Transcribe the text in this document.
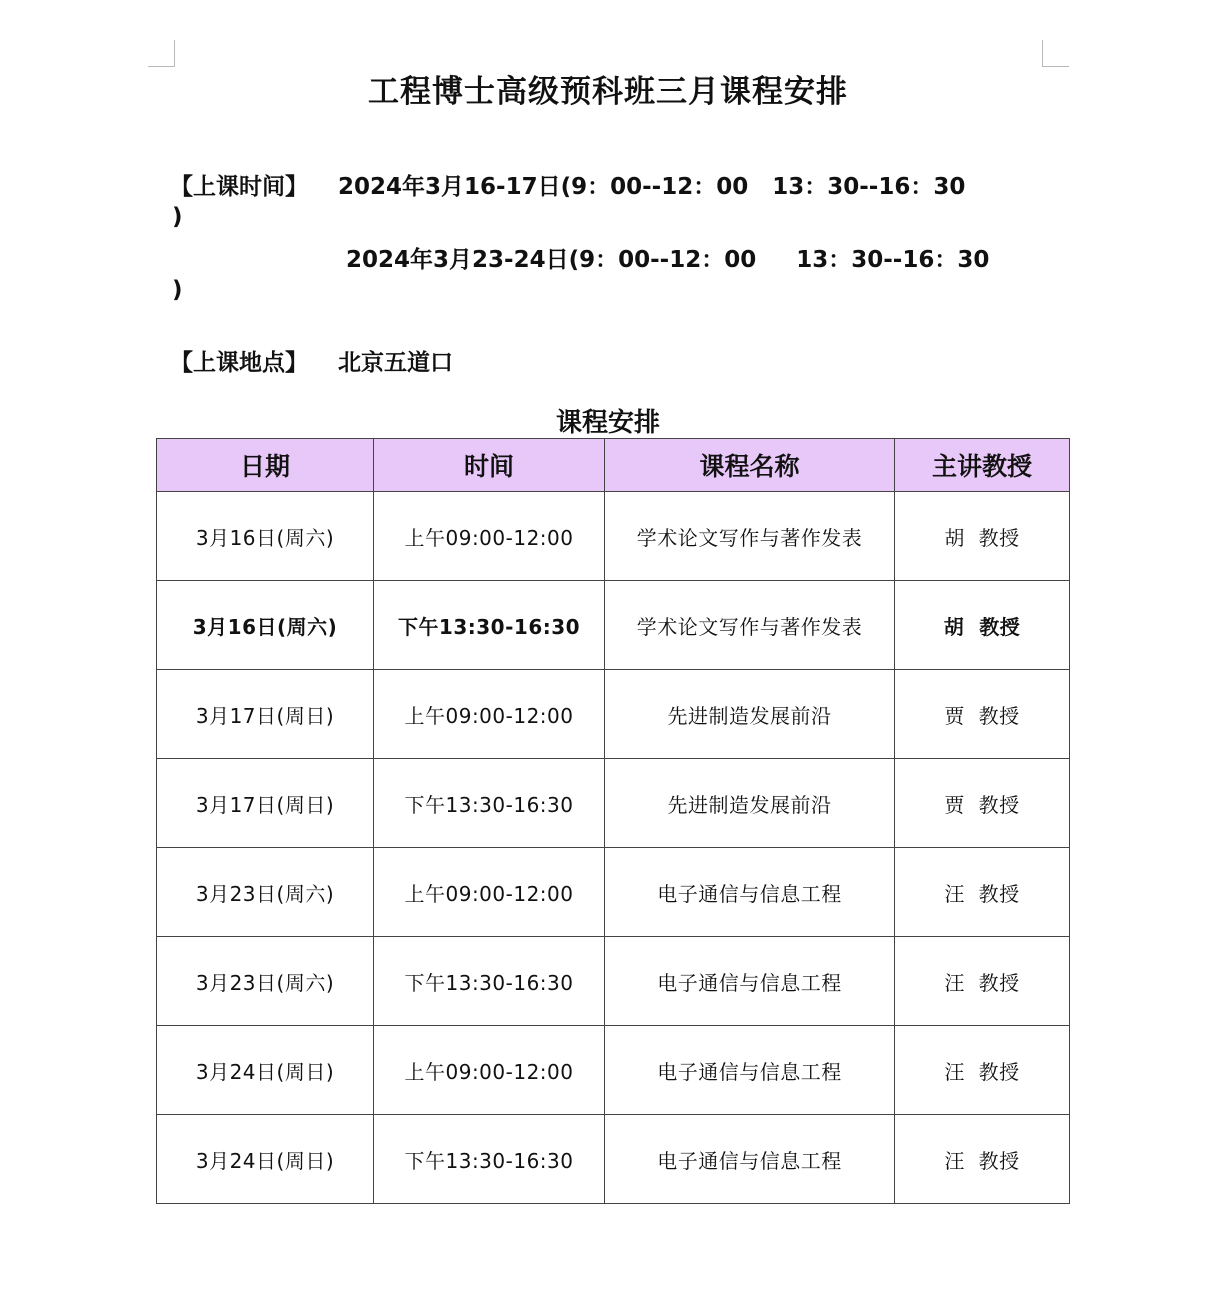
工程博士高级预科班三月课程安排
【上课时间】 2024年3月16-17日(9：00--12：00   13：30--16：30
)
2024年3月23-24日(9：00--12：00     13：30--16：30
)
【上课地点】 北京五道口
课程安排
日期	时间	课程名称	主讲教授
3月16日(周六)	上午09:00-12:00	学术论文写作与著作发表	胡  教授
3月16日(周六)	下午13:30-16:30	学术论文写作与著作发表	胡  教授
3月17日(周日)	上午09:00-12:00	先进制造发展前沿	贾  教授
3月17日(周日)	下午13:30-16:30	先进制造发展前沿	贾  教授
3月23日(周六)	上午09:00-12:00	电子通信与信息工程	汪  教授
3月23日(周六)	下午13:30-16:30	电子通信与信息工程	汪  教授
3月24日(周日)	上午09:00-12:00	电子通信与信息工程	汪  教授
3月24日(周日)	下午13:30-16:30	电子通信与信息工程	汪  教授
